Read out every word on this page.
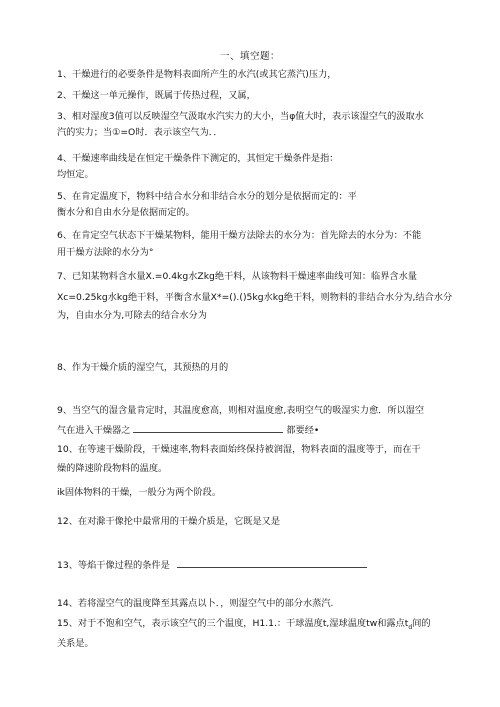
一、填空题：
1、干燥进行的必要条件是物料表面所产生的水汽(或其它蒸汽)压力，
2、干燥这一单元操作，既属于传热过程，又属，
3、相对湿度3值可以反映湿空气汲取水汽实力的大小，当φ值大时，表示该湿空气的汲取水
汽的实力；当①=O时．表示该空气为．．
4、干燥速率曲线是在恒定干燥条件下测定的，其恒定干燥条件是指：
均恒定。
5、在肯定温度下，物料中结合水分和非结合水分的划分是依据而定的：平
衡水分和自由水分是依据而定的。
6、在肯定空气状态下干燥某物料，能用干燥方法除去的水分为：首先除去的水分为：不能
用干燥方法除的水分为°
7、已知某物料含水量X.=0.4kg水Zkg绝干料，从该物料干燥速率曲线可知：临界含水量
Xc=0.25kg水kg绝干料，平衡含水量X*=().()5kg水kg绝干料，则物料的非结合水分为,结合水分
为，自由水分为,可除去的结合水分为
8、作为干燥介质的湿空气，其预热的月的
9、当空气的湿含量肯定时，其温度愈高，则相对温度愈,表明空气的吸湿实力愈．所以湿空
气在进入干燥器之	都要经•
10、在等速干燥阶段，干燥速率,物料表面始终保持被润湿，物料表面的温度等于，而在干
燥的降速阶段物料的温度。
ik固体物料的干燥，一般分为两个阶段。
12、在对滁干像抡中最常用的干燥介质是，它既是又是
13、等焰干像过程的条件是
14、若将湿空气的温度降至其露点以卜．，则湿空气中的部分水蒸汽.
15、对于不饱和空气，表示该空气的三个温度，H1.1.：干球温度t,湿球温度tw和露点$t_d$间的
关系是。
